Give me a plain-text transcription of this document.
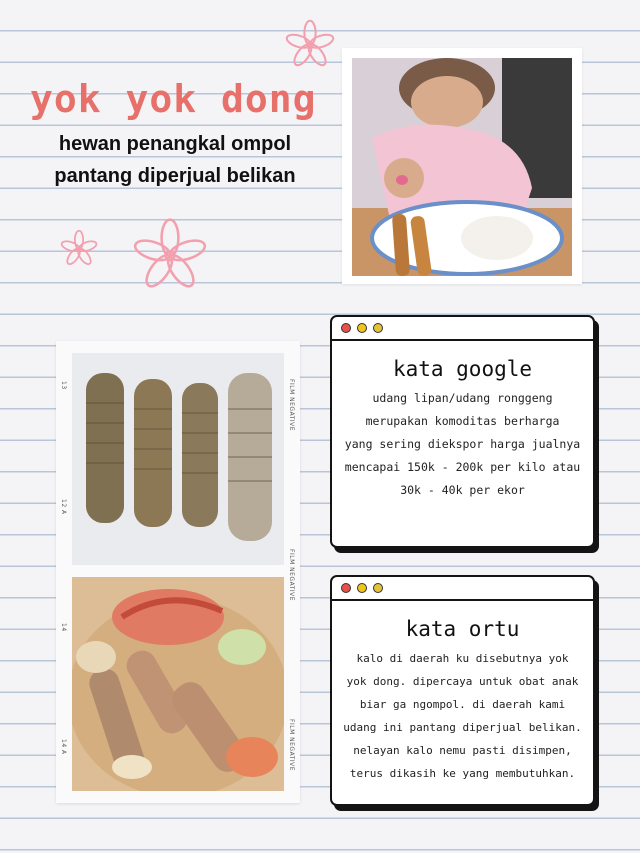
yok yok dong
hewan penangkal ompol
pantang diperjual belikan
13
12 A
14
14 A
FILM NEGATIVE
FILM NEGATIVE
FILM NEGATIVE
kata google
udang lipan/udang ronggeng
merupakan komoditas berharga
yang sering diekspor harga jualnya
mencapai 150k - 200k per kilo atau
30k - 40k per ekor
kata ortu
kalo di daerah ku disebutnya yok
yok dong. dipercaya untuk obat anak
biar ga ngompol. di daerah kami
udang ini pantang diperjual belikan.
nelayan kalo nemu pasti disimpen,
terus dikasih ke yang membutuhkan.
